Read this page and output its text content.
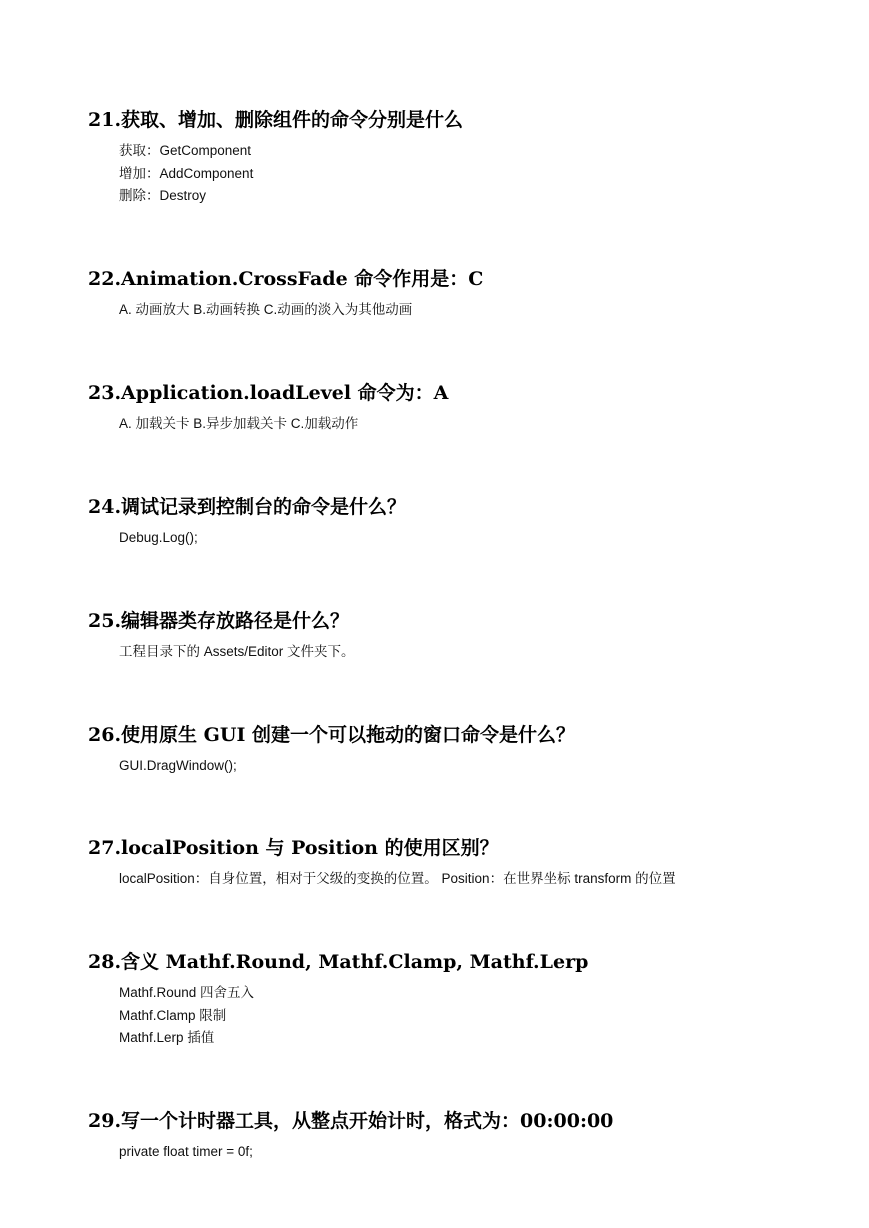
21.获取、增加、删除组件的命令分别是什么
获取：GetComponent
增加：AddComponent
删除：Destroy
22.Animation.CrossFade 命令作用是：C
A. 动画放大 B.动画转换 C.动画的淡入为其他动画
23.Application.loadLevel 命令为：A
A. 加载关卡 B.异步加载关卡 C.加载动作
24.调试记录到控制台的命令是什么？
Debug.Log();
25.编辑器类存放路径是什么？
工程目录下的 Assets/Editor 文件夹下。
26.使用原生 GUI 创建一个可以拖动的窗口命令是什么？
GUI.DragWindow();
27.localPosition 与 Position 的使用区别？
localPosition：自身位置，相对于父级的变换的位置。 Position：在世界坐标 transform 的位置
28.含义 Mathf.Round, Mathf.Clamp, Mathf.Lerp
Mathf.Round 四舍五入
Mathf.Clamp 限制
Mathf.Lerp 插值
29.写一个计时器工具，从整点开始计时，格式为：00:00:00
private float timer = 0f;
